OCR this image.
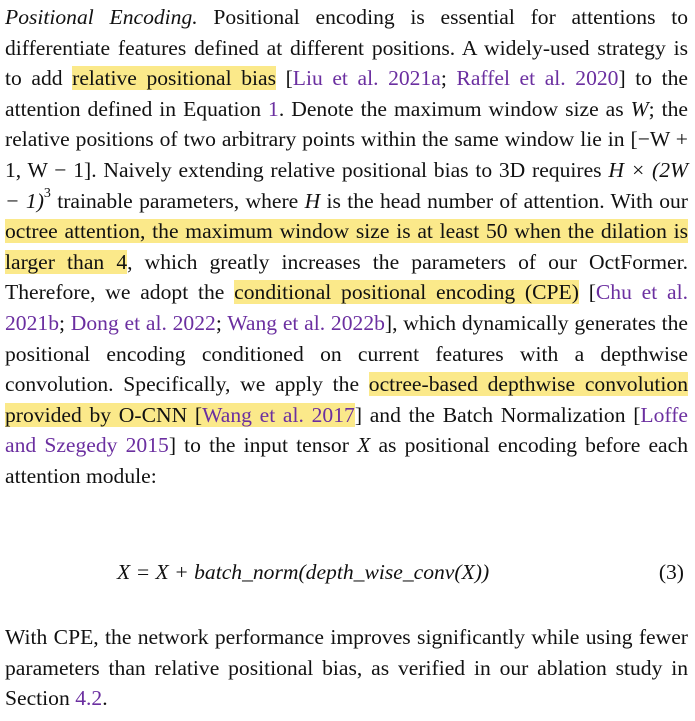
Positional Encoding. Positional encoding is essential for attentions to differentiate features defined at different positions. A widely-used strategy is to add relative positional bias [Liu et al. 2021a; Raffel et al. 2020] to the attention defined in Equation 1. Denote the maximum window size as W; the relative positions of two arbitrary points within the same window lie in [−W + 1, W − 1]. Naively extending relative positional bias to 3D requires $H \times (2W - 1)^3$ trainable parameters, where H is the head number of attention. With our octree attention, the maximum window size is at least 50 when the dilation is larger than 4, which greatly increases the parameters of our OctFormer. Therefore, we adopt the conditional positional encoding (CPE) [Chu et al. 2021b; Dong et al. 2022; Wang et al. 2022b], which dynamically generates the positional encoding conditioned on current features with a depthwise convolution. Specifically, we apply the octree-based depthwise convolution provided by O-CNN [Wang et al. 2017] and the Batch Normalization [Loffe and Szegedy 2015] to the input tensor X as positional encoding before each attention module:

X = X + batch_norm(depth_wise_conv(X))	(3)

With CPE, the network performance improves significantly while using fewer parameters than relative positional bias, as verified in our ablation study in Section 4.2.
